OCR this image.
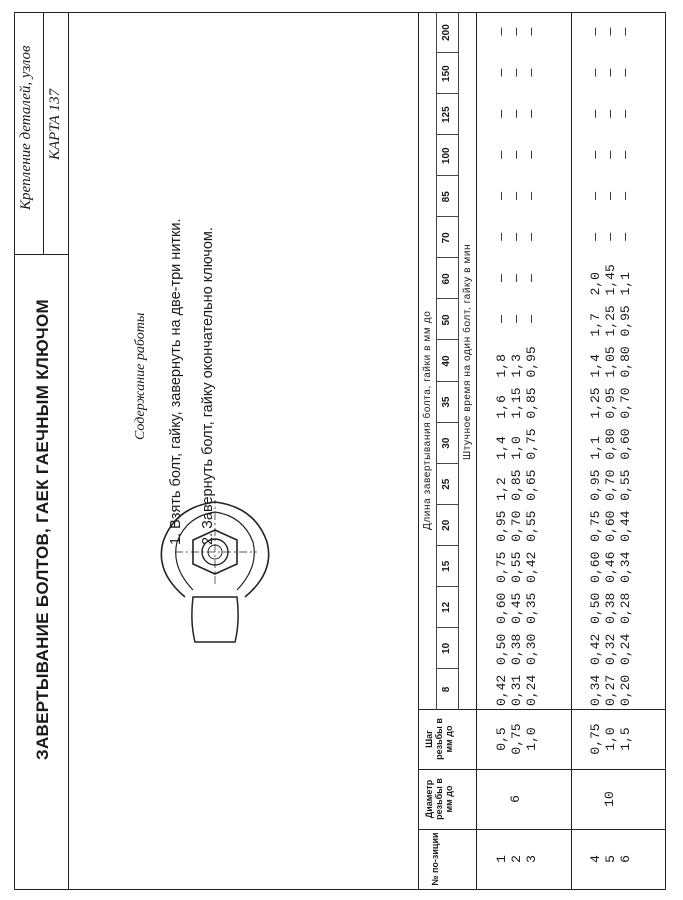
ЗАВЕРТЫВАНИЕ БОЛТОВ, ГАЕК ГАЕЧНЫМ КЛЮЧОМ
Крепление деталей, узлов КАРТА 137
Содержание работы 1. Взять болт, гайку, завернуть на две-три нитки. 2. Завернуть болт, гайку окончательно ключом.
№ по-зиции
Диаметр резьбы в мм до
Шаг резьбы в мм до
Длина завертывания болта, гайки в мм до	Штучное время на один болт, гайку в мин
8
10
12
15
20
25
30
35
40
50
60
70
85
100
125
150
200
1
2
3
6
0,5
0,75
1,0
0,42
0,31
0,24
0,50
0,38
0,30
0,60
0,45
0,35
0,75
0,55
0,42
0,95
0,70
0,55
1,2
0,85
0,65
1,4
1,0
0,75
1,6
1,15
0,85
1,8
1,3
0,95
—
—
—
—
—
—
—
—
—
—
—
—
—
—
—
—
—
—
—
—
—
—
—
—
4
5
6
10
0,75
1,0
1,5
0,34
0,27
0,20
0,42
0,32
0,24
0,50
0,38
0,28
0,60
0,46
0,34
0,75
0,60
0,44
0,95
0,70
0,55
1,1
0,80
0,60
1,25
0,95
0,70
1,4
1,05
0,80
1,7
1,25
0,95
2,0
1,45
1,1
—
—
—
—
—
—
—
—
—
—
—
—
—
—
—
—
—
—
